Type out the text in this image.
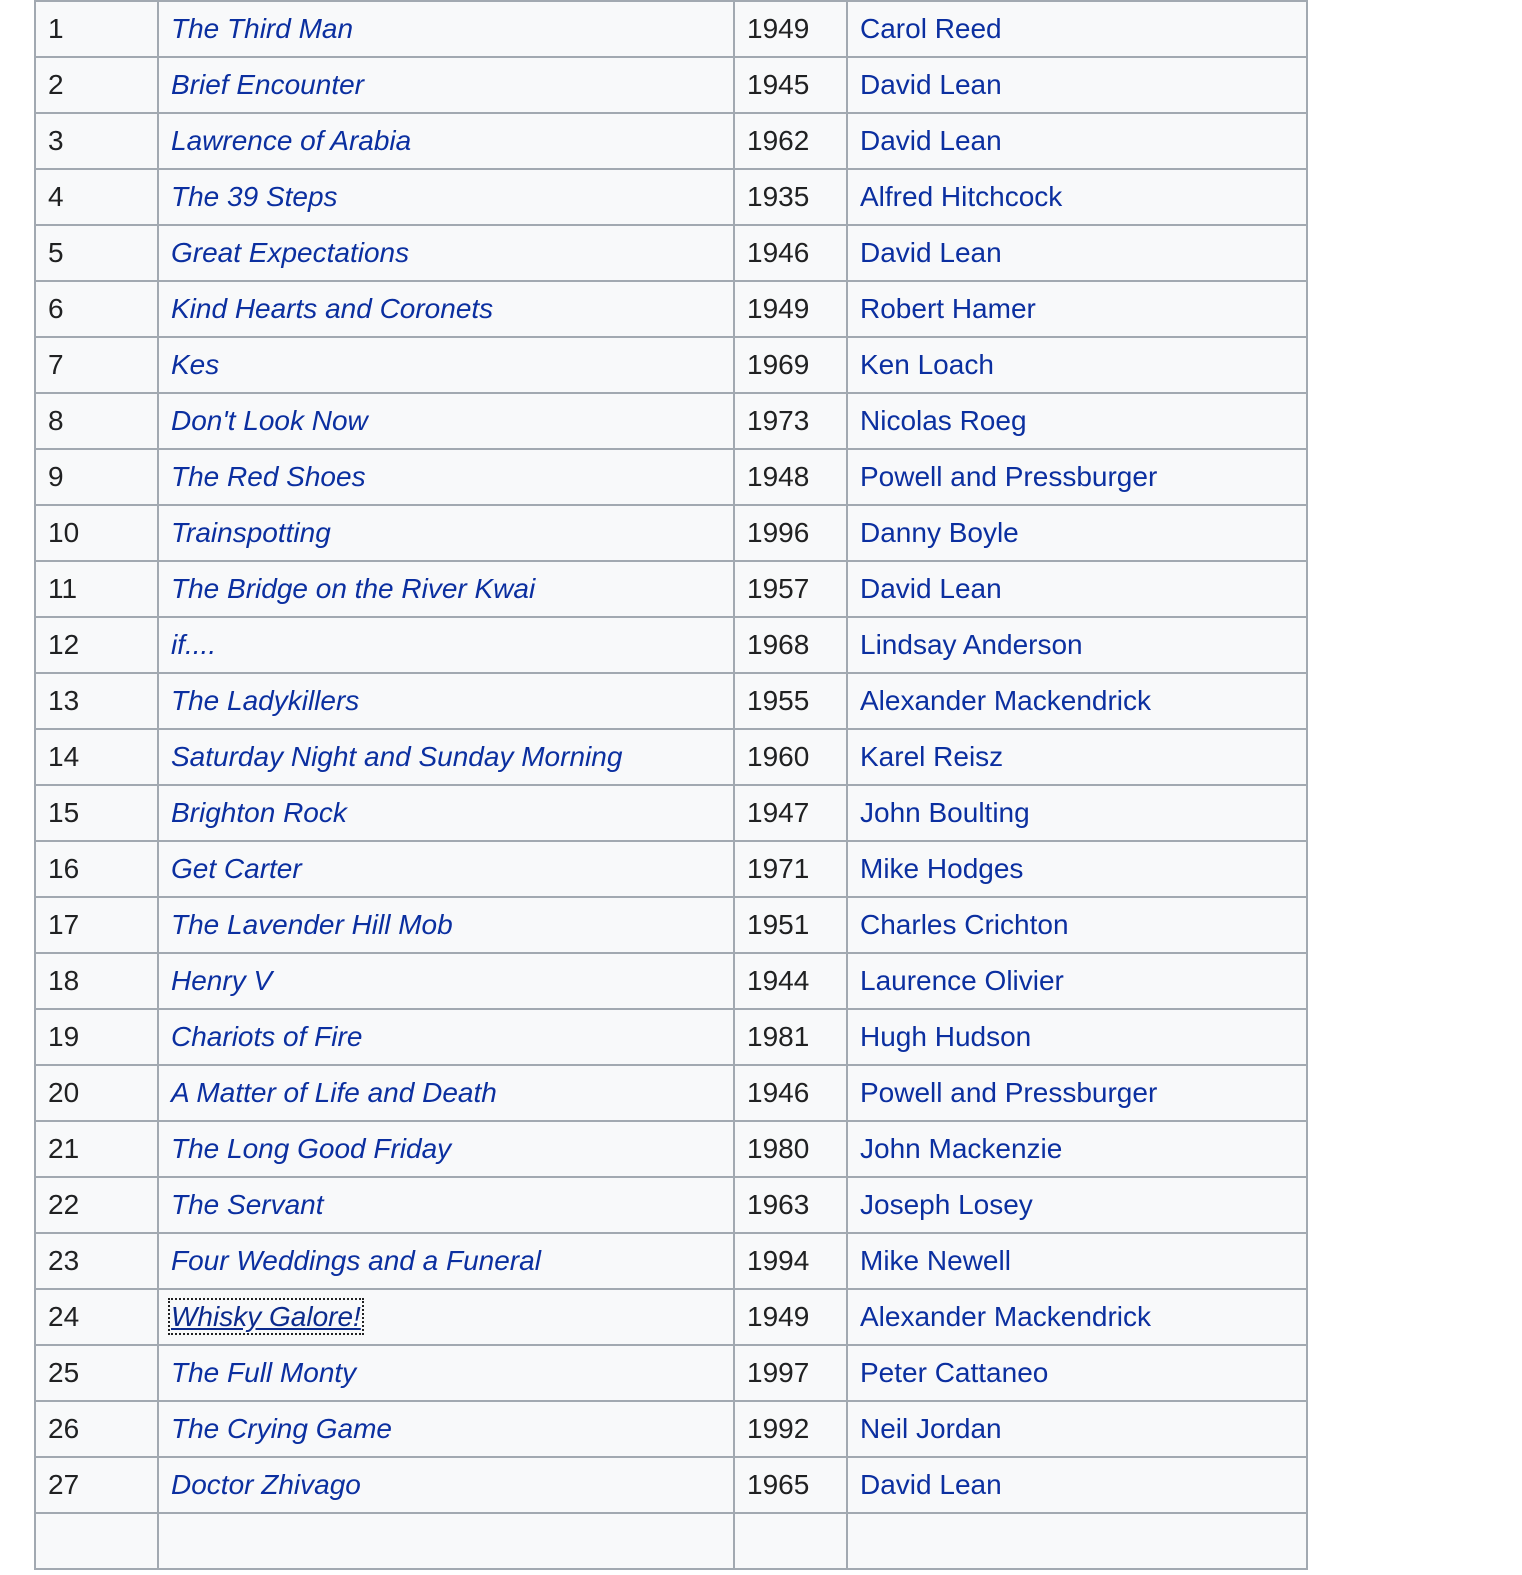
1	The Third Man	1949	Carol Reed
2	Brief Encounter	1945	David Lean
3	Lawrence of Arabia	1962	David Lean
4	The 39 Steps	1935	Alfred Hitchcock
5	Great Expectations	1946	David Lean
6	Kind Hearts and Coronets	1949	Robert Hamer
7	Kes	1969	Ken Loach
8	Don't Look Now	1973	Nicolas Roeg
9	The Red Shoes	1948	Powell and Pressburger
10	Trainspotting	1996	Danny Boyle
11	The Bridge on the River Kwai	1957	David Lean
12	if....	1968	Lindsay Anderson
13	The Ladykillers	1955	Alexander Mackendrick
14	Saturday Night and Sunday Morning	1960	Karel Reisz
15	Brighton Rock	1947	John Boulting
16	Get Carter	1971	Mike Hodges
17	The Lavender Hill Mob	1951	Charles Crichton
18	Henry V	1944	Laurence Olivier
19	Chariots of Fire	1981	Hugh Hudson
20	A Matter of Life and Death	1946	Powell and Pressburger
21	The Long Good Friday	1980	John Mackenzie
22	The Servant	1963	Joseph Losey
23	Four Weddings and a Funeral	1994	Mike Newell
24	Whisky Galore!	1949	Alexander Mackendrick
25	The Full Monty	1997	Peter Cattaneo
26	The Crying Game	1992	Neil Jordan
27	Doctor Zhivago	1965	David Lean
